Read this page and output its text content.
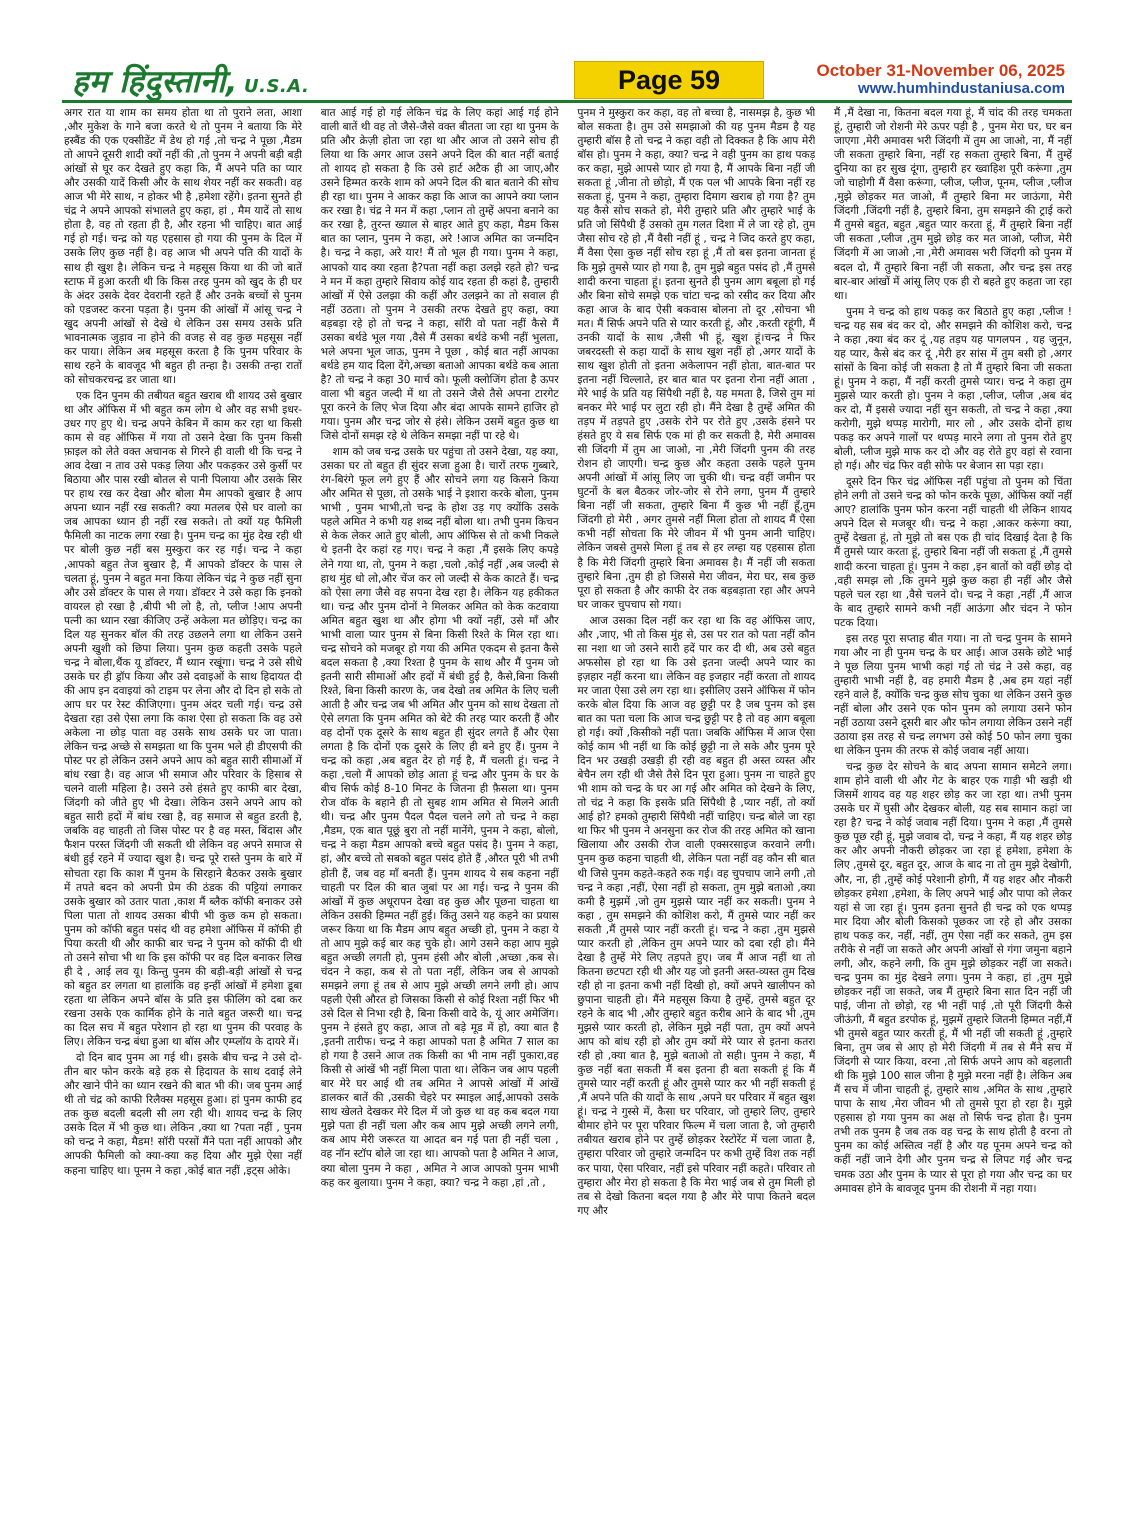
हम हिंदुस्तानी, U.S.A.	Page 59	October 31-November 06, 2025
www.humhindustaniusa.com

अगर रात या शाम का समय होता था तो पुराने लता, आशा ,और मुकेश के गाने बजा करते थे तो पुनम ने बताया कि मेरे हस्बैंड की एक एक्सीडेंट में डेथ हो गई ,तो चन्द्र ने पूछा ,मैडम तो आपने दूसरी शादी क्यों नहीं की ,तो पुनम ने अपनी बड़ी बड़ी आंखों से घूर कर देखते हुए कहा कि, मैं अपने पति का प्यार और उसकी यादें किसी और के साथ शेयर नहीं कर सकती। वह आज भी मेरे साथ, न होकर भी है ,हमेशा रहेंगे। इतना सुनते ही चंद्र ने अपने आपको संभालते हुए कहा, हां , मैम यादें तो साथ होता है, वह तो रहता ही है, और रहना भी चाहिए। बात आई गई हो गई। चन्द्र को यह एहसास हो गया की पुनम के दिल में उसके लिए कुछ नहीं है। वह आज भी अपने पति की यादों के साथ ही खुश है। लेकिन चन्द्र ने महसूस किया था की जो बातें स्टाफ में हुआ करती थी कि किस तरह पुनम को खुद के ही घर के अंदर उसके देवर देवरानी रहते हैं और उनके बच्चों से पुनम को एडजस्ट करना पड़ता है। पुनम की आंखों में आंसू चन्द्र ने खुद अपनी आंखों से देखे थे लेकिन उस समय उसके प्रति भावनात्मक जुड़ाव ना होने की वजह से वह कुछ महसूस नहीं कर पाया। लेकिन अब महसूस करता है कि पुनम परिवार के साथ रहने के बावजूद भी बहुत ही तन्हा है। उसकी तन्हा रातों को सोचकरचन्द्र डर जाता था।

एक दिन पुनम की तबीयत बहुत खराब थी शायद उसे बुखार था और ऑफिस में भी बहुत कम लोग थे और वह सभी इधर-उधर गए हुए थे। चन्द्र अपने केबिन में काम कर रहा था किसी काम से वह ऑफिस में गया तो उसने देखा कि पुनम किसी फ़ाइल को लेते वक्त अचानक से गिरने ही वाली थी कि चन्द्र ने आव देखा न ताव उसे पकड़ लिया और पकड़कर उसे कुर्सी पर बिठाया और पास रखी बोतल से पानी पिलाया और उसके सिर पर हाथ रख कर देखा और बोला मैम आपको बुखार है आप अपना ध्यान नहीं रख सकती? क्या मतलब ऐसे घर वालो का जब आपका ध्यान ही नहीं रख सकते। तो क्यों यह फैमिली फैमिली का नाटक लगा रखा है। पुनम चन्द्र का मुंह देख रही थी पर बोली कुछ नहीं बस मुस्कुरा कर रह गई। चन्द्र ने कहा ,आपको बहुत तेज बुखार है, मैं आपको डॉक्टर के पास ले चलता हूं, पुनम ने बहुत मना किया लेकिन चंद्र ने कुछ नहीं सुना और उसे डॉक्टर के पास ले गया। डॉक्टर ने उसे कहा कि इनको वायरल हो रखा है ,बीपी भी लो है, तो, प्लीज !आप अपनी पत्नी का ध्यान रखा कीजिए उन्हें अकेला मत छोड़िए। चन्द्र का दिल यह सुनकर बॉल की तरह उछलने लगा था लेकिन उसने अपनी खुशी को छिपा लिया। पुनम कुछ कहती उसके पहले चन्द्र ने बोला,थैंक यू डॉक्टर, मैं ध्यान रखूंगा। चन्द्र ने उसे सीधे उसके घर ही ड्रॉप किया और उसे दवाइओं के साथ हिदायत दी की आप इन दवाइयां को टाइम पर लेना और दो दिन हो सके तो आप घर पर रेस्ट कीजिएगा। पुनम अंदर चली गई। चन्द्र उसे देखता रहा उसे ऐसा लगा कि काश ऐसा हो सकता कि वह उसे अकेला ना छोड़ पाता वह उसके साथ उसके घर जा पाता। लेकिन चन्द्र अच्छे से समझता था कि पुनम भले ही डीएसपी की पोस्ट पर हो लेकिन उसने अपने आप को बहुत सारी सीमाओं में बांध रखा है। वह आज भी समाज और परिवार के हिसाब से चलने वाली महिला है। उसने उसे हंसते हुए काफी बार देखा, जिंदगी को जीते हुए भी देखा। लेकिन उसने अपने आप को बहुत सारी हदों में बांध रखा है, वह समाज से बहुत डरती है, जबकि वह चाहती तो जिस पोस्ट पर है वह मस्त, बिंदास और फैशन परस्त जिंदगी जी सकती थी लेकिन वह अपने समाज से बंधी हुई रहने में ज्यादा खुश है। चन्द्र पूरे रास्ते पुनम के बारे में सोचता रहा कि काश मैं पुनम के सिरहाने बैठकर उसके बुखार में तपते बदन को अपनी प्रेम की ठंडक की पट्टियां लगाकर उसके बुखार को उतार पाता ,काश मैं ब्लैक कॉफी बनाकर उसे पिला पाता तो शायद उसका बीपी भी कुछ कम हो सकता। पुनम को कॉफी बहुत पसंद थी वह हमेशा ऑफिस में कॉफी ही पिया करती थी और काफी बार चन्द्र ने पुनम को कॉफी दी थी तो उसने सोचा भी था कि इस कॉफी पर वह दिल बनाकर लिख ही दे , आई लव यू। किन्तु पुनम की बड़ी-बड़ी आंखों से चन्द्र को बहुत डर लगता था हालांकि वह इन्हीं आंखों में हमेशा डूबा रहता था लेकिन अपने बॉस के प्रति इस फीलिंग को दबा कर रखना उसके एक कार्मिक होने के नाते बहुत जरूरी था। चन्द्र का दिल सच में बहुत परेशान हो रहा था पुनम की परवाह के लिए। लेकिन चन्द्र बंधा हुआ था बॉस और एम्प्लॉय के दायरे में।

दो दिन बाद पुनम आ गई थी। इसके बीच चन्द्र ने उसे दो-तीन बार फोन करके बड़े हक से हिदायत के साथ दवाई लेने और खाने पीने का ध्यान रखने की बात भी की। जब पुनम आई थी तो चंद्र को काफी रिलैक्स महसूस हुआ। हां पुनम काफी हद तक कुछ बदली बदली सी लग रही थी। शायद चन्द्र के लिए उसके दिल में भी कुछ था। लेकिन ,क्या था ?पता नहीं , पुनम को चन्द्र ने कहा, मैडम! सॉरी परसों मैंने पता नहीं आपको और आपकी फैमिली को क्या-क्या कह दिया और मुझे ऐसा नहीं कहना चाहिए था। पूनम ने कहा ,कोई बात नहीं ,इट्स ओके।

बात आई गई हो गई लेकिन चंद्र के लिए कहां आई गई होने वाली बातें थी वह तो जैसे-जैसे वक्त बीतता जा रहा था पुनम के प्रति और क्रेज़ी होता जा रहा था और आज तो उसने सोच ही लिया था कि अगर आज उसने अपने दिल की बात नहीं बताई तो शायद हो सकता है कि उसे हार्ट अटैक ही आ जाए,और उसने हिम्मत करके शाम को अपने दिल की बात बताने की सोच ही रहा था। पुनम ने आकर कहा कि आज का आपने क्या प्लान कर रखा है। चंद्र ने मन में कहा ,प्लान तो तुम्हें अपना बनाने का कर रखा है, तुरन्त ख्याल से बाहर आते हुए कहा, मैडम किस बात का प्लान, पुनम ने कहा, अरे !आज अमित का जन्मदिन है। चन्द्र ने कहा, अरे यार! मैं तो भूल ही गया। पुनम ने कहा, आपको याद क्या रहता है?पता नहीं कहा उलझे रहते हो? चन्द्र ने मन में कहा तुम्हारे सिवाय कोई याद रहता ही कहां है, तुम्हारी आंखों में ऐसे उलझा की कहीं और उलझने का तो सवाल ही नहीं उठता। तो पुनम ने उसकी तरफ देखते हुए कहा, क्या बड़बड़ा रहे हो तो चन्द्र ने कहा, सॉरी वो पता नहीं कैसे मैं उसका बर्थडे भूल गया ,वैसे मैं उसका बर्थडे कभी नहीं भुलता, भले अपना भूल जाऊ, पुनम ने पूछा , कोई बात नहीं आपका बर्थडे हम याद दिला देंगे,अच्छा बताओ आपका बर्थडे कब आता है? तो चन्द्र ने कहा 30 मार्च को। फूली क्लोजिंग होता है ऊपर वाला भी बहुत जल्दी में था तो उसने जैसे तैसे अपना टारगेट पूरा करने के लिए भेज दिया और बंदा आपके सामने हाजिर हो गया। पुनम और चन्द्र जोर से हंसे। लेकिन उसमें बहुत कुछ था जिसे दोनों समझ रहे थे लेकिन समझा नहीं पा रहे थे।

शाम को जब चन्द्र उसके घर पहुंचा तो उसने देखा, यह क्या, उसका घर तो बहुत ही सुंदर सजा हुआ है। चारों तरफ गुब्बारे, रंग-बिरंगे फूल लगे हुए हैं और सोचने लगा यह किसने किया और अमित से पूछा, तो उसके भाई ने इशारा करके बोला, पुनम भाभी , पुनम भाभी,तो चन्द्र के होश उड़ गए क्योंकि उसके पहले अमित ने कभी यह शब्द नहीं बोला था। तभी पुनम किचन से केक लेकर आते हुए बोली, आप ऑफिस से तो कभी निकले थे इतनी देर कहां रह गए। चन्द्र ने कहा ,मैं इसके लिए कपड़े लेने गया था, तो, पुनम ने कहा ,चलो ,कोई नहीं ,अब जल्दी से हाथ मुंह धो लो,और चेंज कर लो जल्दी से केक काटते हैं। चन्द्र को ऐसा लगा जैसे वह सपना देख रहा है। लेकिन यह हकीकत था। चन्द्र और पुनम दोनों ने मिलकर अमित को केक कटवाया अमित बहुत खुश था और होगा भी क्यों नहीं, उसे माँ और भाभी वाला प्यार पुनम से बिना किसी रिश्ते के मिल रहा था। चन्द्र सोचने को मजबूर हो गया की अमित एकदम से इतना कैसे बदल सकता है ,क्या रिश्ता है पुनम के साथ और मैं पुनम जो इतनी सारी सीमाओं और हदों में बंधी हुई है, कैसे,बिना किसी रिश्ते, बिना किसी कारण के, जब देखो तब अमित के लिए चली आती है और चन्द्र जब भी अमित और पुनम को साथ देखता तो ऐसे लगता कि पुनम अमित को बेटे की तरह प्यार करती हैं और वह दोनों एक दूसरे के साथ बहुत ही सुंदर लगते हैं और ऐसा लगता है कि दोनों एक दूसरे के लिए ही बने हुए हैं। पुनम ने चन्द्र को कहा ,अब बहुत देर हो गई है, मैं चलती हूं। चन्द्र ने कहा ,चलो मैं आपको छोड़ आता हूं चन्द्र और पुनम के घर के बीच सिर्फ कोई 8-10 मिनट के जितना ही फ़ैसला था। पुनम रोज वॉक के बहाने ही तो सुबह शाम अमित से मिलने आती थी। चन्द्र और पुनम पैदल पैदल चलने लगे तो चन्द्र ने कहा ,मैडम, एक बात पूछूं बुरा तो नहीं मानेंगे, पुनम ने कहा, बोलो, चन्द्र ने कहा मैडम आपको बच्चे बहुत पसंद है। पुनम ने कहा, हां, और बच्चे तो सबको बहुत पसंद होते हैं ,औरत पूरी भी तभी होती हैं, जब वह माँ बनती हैं। पुनम शायद ये सब कहना नहीं चाहती पर दिल की बात जुबां पर आ गई। चन्द्र ने पुनम की आंखों में कुछ अधूरापन देखा वह कुछ और पूछना चाहता था लेकिन उसकी हिम्मत नहीं हुई। किंतु उसने यह कहने का प्रयास जरूर किया था कि मैडम आप बहुत अच्छी हो, पुनम ने कहा ये तो आप मुझे कई बार कह चुके हो। आगे उसने कहा आप मुझे बहुत अच्छी लगती हो, पुनम हंसी और बोली ,अच्छा ,कब से। चंदन ने कहा, कब से तो पता नहीं, लेकिन जब से आपको समझने लगा हूं तब से आप मुझे अच्छी लगने लगी हो। आप पहली ऐसी औरत हो जिसका किसी से कोई रिश्ता नहीं फिर भी उसे दिल से निभा रही है, बिना किसी वादे के, यूं आर अमेजिंग। पुनम ने हंसते हुए कहा, आज तो बड़े मूड में हो, क्या बात है ,इतनी तारीफ। चन्द्र ने कहा आपको पता है अमित 7 साल का हो गया है उसने आज तक किसी का भी नाम नहीं पुकारा,वह किसी से आंखें भी नहीं मिला पाता था। लेकिन जब आप पहली बार मेरे घर आई थी तब अमित ने आपसे आंखों में आंखें डालकर बातें की ,उसकी चेहरे पर स्माइल आई,आपको उसके साथ खेलते देखकर मेरे दिल में जो कुछ था वह कब बदल गया मुझे पता ही नहीं चला और कब आप मुझे अच्छी लगने लगी, कब आप मेरी जरूरत या आदत बन गई पता ही नहीं चला , वह नॉन स्टॉप बोले जा रहा था। आपको पता है अमित ने आज, क्या बोला पुनम ने कहा , अमित ने आज आपको पुनम भाभी कह कर बुलाया। पुनम ने कहा, क्या? चन्द्र ने कहा ,हां ,तो ,

पुनम ने मुस्कुरा कर कहा, वह तो बच्चा है, नासमझ है, कुछ भी बोल सकता है। तुम उसे समझाओ की यह पुनम मैडम है यह तुम्हारी बॉस है तो चन्द्र ने कहा वही तो दिक्कत है कि आप मेरी बॉस हो। पुनम ने कहा, क्या? चन्द्र ने वही पुनम का हाथ पकड़ कर कहा, मुझे आपसे प्यार हो गया है, मैं आपके बिना नहीं जी सकता हूं ,जीना तो छोड़ो, मैं एक पल भी आपके बिना नहीं रह सकता हूं, पुनम ने कहा, तुम्हारा दिमाग खराब हो गया है? तुम यह कैसे सोच सकते हो, मेरी तुम्हारे प्रति और तुम्हारे भाई के प्रति जो सिंपैथी हैं उसको तुम गलत दिशा में ले जा रहे हो, तुम जैसा सोच रहे हो ,मैं वैसी नहीं हूं , चन्द्र ने जिद करते हुए कहा, मैं वैसा ऐसा कुछ नहीं सोच रहा हूं ,मैं तो बस इतना जानता हूं कि मुझे तुमसे प्यार हो गया है, तुम मुझे बहुत पसंद हो ,मैं तुमसे शादी करना चाहता हूं। इतना सुनते ही पुनम आग बबूला हो गई और बिना सोचे समझे एक चांटा चन्द्र को रसीद कर दिया और कहा आज के बाद ऐसी बकवास बोलना तो दूर ,सोचना भी मत। मैं सिर्फ अपने पति से प्यार करती हूं, और ,करती रहूंगी, मैं उनकी यादों के साथ ,जैसी भी हूं, खुश हूं।चन्द्र ने फिर जबरदस्ती से कहा यादों के साथ खुश नहीं हो ,अगर यादों के साथ खुश होती तो इतना अकेलापन नहीं होता, बात-बात पर इतना नहीं चिल्लाते, हर बात बात पर इतना रोना नहीं आता , मेरे भाई के प्रति यह सिंपैथी नहीं है, यह ममता है, जिसे तुम मां बनकर मेरे भाई पर लुटा रही हो। मैंने देखा है तुम्हें अमित की तड़प में तड़पते हुए ,उसके रोने पर रोते हुए ,उसके हंसने पर हंसते हुए ये सब सिर्फ एक मां ही कर सकती है, मेरी अमावस सी जिंदगी में तुम आ जाओ, ना ,मेरी जिंदगी पुनम की तरह रोशन हो जाएगी। चन्द्र कुछ और कहता उसके पहले पुनम अपनी आंखों में आंसू लिए जा चुकी थी। चन्द्र वहीं जमीन पर घुटनों के बल बैठकर जोर-जोर से रोने लगा, पुनम मैं तुम्हारे बिना नहीं जी सकता, तुम्हारे बिना मैं कुछ भी नहीं हूँ,तुम जिंदगी हो मेरी , अगर तुमसे नहीं मिला होता तो शायद मैं ऐसा कभी नहीं सोचता कि मेरे जीवन में भी पुनम आनी चाहिए। लेकिन जबसे तुमसे मिला हूं तब से हर लम्हा यह एहसास होता है कि मेरी जिंदगी तुम्हारे बिना अमावस है। मैं नहीं जी सकता तुम्हारे बिना ,तुम ही हो जिससे मेरा जीवन, मेरा घर, सब कुछ पूरा हो सकता है और काफी देर तक बड़बड़ाता रहा और अपने घर जाकर चुपचाप सो गया।

आज उसका दिल नहीं कर रहा था कि वह ऑफिस जाए, और ,जाए, भी तो किस मुंह से, उस पर रात को पता नहीं कौन सा नशा था जो उसने सारी हदें पार कर दी थी, अब उसे बहुत अफसोस हो रहा था कि उसे इतना जल्दी अपने प्यार का इज़हार नहीं करना था। लेकिन वह इजहार नहीं करता तो शायद मर जाता ऐसा उसे लग रहा था। इसीलिए उसने ऑफिस में फोन करके बोल दिया कि आज वह छुट्टी पर है जब पुनम को इस बात का पता चला कि आज चन्द्र छुट्टी पर है तो वह आग बबूला हो गई। क्यों ,किसीको नहीं पता। जबकि ऑफिस में आज ऐसा कोई काम भी नहीं था कि कोई छुट्टी ना ले सके और पुनम पूरे दिन भर उखड़ी उखड़ी ही रही वह बहुत ही अस्त व्यस्त और बेचैन लग रही थी जैसे तैसे दिन पूरा हुआ। पुनम ना चाहते हुए भी शाम को चन्द्र के घर आ गई और अमित को देखने के लिए, तो चंद्र ने कहा कि इसके प्रति सिंपैथी है ,प्यार नहीं, तो क्यों आई हो? हमको तुम्हारी सिंपैथी नहीं चाहिए। चन्द्र बोले जा रहा था फिर भी पुनम ने अनसुना कर रोज की तरह अमित को खाना खिलाया और उसकी रोज वाली एक्सरसाइज करवाने लगी। पुनम कुछ कहना चाहती थी, लेकिन पता नहीं वह कौन सी बात थी जिसे पुनम कहते-कहते रुक गई। वह चुपचाप जाने लगी ,तो चन्द्र ने कहा ,नहीं, ऐसा नहीं हो सकता, तुम मुझे बताओ ,क्या कमी है मुझमें ,जो तुम मुझसे प्यार नहीं कर सकती। पुनम ने कहा , तुम समझने की कोशिश करो, मैं तुमसे प्यार नहीं कर सकती ,मैं तुमसे प्यार नहीं करती हूं। चन्द्र ने कहा ,तुम मुझसे प्यार करती हो ,लेकिन तुम अपने प्यार को दबा रही हो। मैंने देखा है तुम्हें मेरे लिए तड़पते हुए। जब मैं आज नहीं था तो कितना छटपटा रही थी और यह जो इतनी अस्त-व्यस्त तुम दिख रही हो ना इतना कभी नहीं दिखी हो, क्यों अपने खालीपन को छुपाना चाहती हो। मैंने महसूस किया है तुम्हें, तुमसे बहुत दूर रहने के बाद भी ,और तुम्हारे बहुत करीब आने के बाद भी ,तुम मुझसे प्यार करती हो, लेकिन मुझे नहीं पता, तुम क्यों अपने आप को बांध रही हो और तुम क्यों मेरे प्यार से इतना कतरा रही हो ,क्या बात है, मुझे बताओ तो सही। पुनम ने कहा, मैं कुछ नहीं बता सकती मैं बस इतना ही बता सकती हूं कि मैं तुमसे प्यार नहीं करती हूं और तुमसे प्यार कर भी नहीं सकती हूं ,मैं अपने पति की यादों के साथ ,अपने घर परिवार में बहुत खुश हूं। चन्द्र ने गुस्से में, कैसा घर परिवार, जो तुम्हारे लिए, तुम्हारे बीमार होने पर पूरा परिवार फिल्म में चला जाता है, जो तुम्हारी तबीयत खराब होने पर तुम्हें छोड़कर रेस्टोरेंट में चला जाता है, तुम्हारा परिवार जो तुम्हारे जन्मदिन पर कभी तुम्हें विश तक नहीं कर पाया, ऐसा परिवार, नहीं इसे परिवार नहीं कहते। परिवार तो तुम्हारा और मेरा हो सकता है कि मेरा भाई जब से तुम मिली हो तब से देखो कितना बदल गया है और मेरे पापा कितने बदल गए और

मैं ,मैं देखा ना, कितना बदल गया हूं, मैं चांद की तरह चमकता हूं, तुम्हारी जो रोशनी मेरे ऊपर पड़ी है , पुनम मेरा घर, घर बन जाएगा ,मेरी अमावस भरी जिंदगी में तुम आ जाओ, ना, मैं नहीं जी सकता तुम्हारे बिना, नहीं रह सकता तुम्हारे बिना, मैं तुम्हें दुनिया का हर सुख दूंगा, तुम्हारी हर ख्वाहिश पूरी करूंगा ,तुम जो चाहोगी मैं वैसा करूंगा, प्लीज, प्लीज, पूनम, प्लीज ,प्लीज ,मुझे छोड़कर मत जाओ, मैं तुम्हारे बिना मर जाऊंगा, मेरी जिंदगी ,जिंदगी नहीं है, तुम्हारे बिना, तुम समझने की ट्राई करो मैं तुमसे बहुत, बहुत ,बहुत प्यार करता हूं, मैं तुम्हारे बिना नहीं जी सकता ,प्लीज ,तुम मुझे छोड़ कर मत जाओ, प्लीज, मेरी जिंदगी में आ जाओ ,ना ,मेरी अमावस भरी जिंदगी को पुनम में बदल दो, मैं तुम्हारे बिना नहीं जी सकता, और चन्द्र इस तरह बार-बार आंखों में आंसू लिए एक ही रो बहते हुए कहता जा रहा था।

पुनम ने चन्द्र को हाथ पकड़ कर बिठाते हुए कहा ,प्लीज ! चन्द्र यह सब बंद कर दो, और समझने की कोशिश करो, चन्द्र ने कहा ,क्या बंद कर दूं ,यह तड़प यह पागलपन , यह जुनून, यह प्यार, कैसे बंद कर दूं ,मेरी हर सांस में तुम बसी हो ,अगर सांसों के बिना कोई जी सकता है तो मैं तुम्हारे बिना जी सकता हूं। पुनम ने कहा, मैं नहीं करती तुमसे प्यार। चन्द्र ने कहा तुम मुझसे प्यार करती हो। पुनम ने कहा ,प्लीज, प्लीज ,अब बंद कर दो, मैं इससे ज्यादा नहीं सुन सकती, तो चन्द्र ने कहा ,क्या करोगी, मुझे थप्पड़ मारोगी, मार लो , और उसके दोनों हाथ पकड़ कर अपने गालों पर थप्पड़ मारने लगा तो पुनम रोते हुए बोली, प्लीज मुझे माफ कर दो और वह रोते हुए वहां से रवाना हो गई। और चंद्र फिर वही सोफे पर बेजान सा पड़ा रहा।

दूसरे दिन फिर चंद्र ऑफिस नहीं पहुंचा तो पुनम को चिंता होने लगी तो उसने चन्द्र को फोन करके पूछा, ऑफिस क्यों नहीं आए? हालांकि पुनम फोन करना नहीं चाहती थी लेकिन शायद अपने दिल से मजबूर थी। चन्द्र ने कहा ,आकर करूंगा क्या, तुम्हें देखता हूं, तो मुझे तो बस एक ही चांद दिखाई देता है कि मैं तुमसे प्यार करता हूं, तुम्हारे बिना नहीं जी सकता हूं ,मैं तुमसे शादी करना चाहता हूं। पुनम ने कहा ,इन बातों को वहीं छोड़ दो ,वही समझ लो ,कि तुमने मुझे कुछ कहा ही नहीं और जैसे पहले चल रहा था ,वैसे चलने दो। चन्द्र ने कहा ,नहीं ,मैं आज के बाद तुम्हारे सामने कभी नहीं आऊंगा और चंदन ने फोन पटक दिया।

इस तरह पूरा सप्ताह बीत गया। ना तो चन्द्र पुनम के सामने गया और ना ही पुनम चन्द्र के घर आई। आज उसके छोटे भाई ने पूछ लिया पुनम भाभी कहां गई तो चंद्र ने उसे कहा, वह तुम्हारी भाभी नहीं है, वह हमारी मैडम है ,अब हम यहां नहीं रहने वाले हैं, क्योंकि चन्द्र कुछ सोच चुका था लेकिन उसने कुछ नहीं बोला और उसने एक फोन पुनम को लगाया उसने फोन नहीं उठाया उसने दूसरी बार और फोन लगाया लेकिन उसने नहीं उठाया इस तरह से चन्द्र लगभग उसे कोई 50 फोन लगा चुका था लेकिन पुनम की तरफ से कोई जवाब नहीं आया।

चन्द्र कुछ देर सोचने के बाद अपना सामान समेटने लगा। शाम होने वाली थी और गेट के बाहर एक गाड़ी भी खड़ी थी जिसमें शायद वह यह शहर छोड़ कर जा रहा था। तभी पुनम उसके घर में घुसी और देखकर बोली, यह सब सामान कहां जा रहा है? चन्द्र ने कोई जवाब नहीं दिया। पुनम ने कहा ,मैं तुमसे कुछ पूछ रही हूं, मुझे जवाब दो, चन्द्र ने कहा, मैं यह शहर छोड़ कर और अपनी नौकरी छोड़कर जा रहा हूं हमेशा, हमेशा के लिए ,तुमसे दूर, बहुत दूर, आज के बाद ना तो तुम मुझे देखोगी, और, ना, ही ,तुम्हें कोई परेशानी होगी, मैं यह शहर और नौकरी छोड़कर हमेशा ,हमेशा, के लिए अपने भाई और पापा को लेकर यहां से जा रहा हूं। पुनम इतना सुनते ही चन्द्र को एक थप्पड़ मार दिया और बोली किसको पूछकर जा रहे हो और उसका हाथ पकड़ कर, नहीं, नहीं, तुम ऐसा नहीं कर सकते, तुम इस तरीके से नहीं जा सकते और अपनी आंखों से गंगा जमुना बहाने लगी, और, कहने लगी, कि तुम मुझे छोड़कर नहीं जा सकते। चन्द्र पुनम का मुंह देखने लगा। पुनम ने कहा, हां ,तुम मुझे छोड़कर नहीं जा सकते, जब मैं तुम्हारे बिना सात दिन नहीं जी पाई, जीना तो छोड़ो, रह भी नहीं पाई ,तो पूरी जिंदगी कैसे जीऊंगी, मैं बहुत डरपोक हूं, मुझमें तुम्हारे जितनी हिम्मत नहीं,मैं भी तुमसे बहुत प्यार करती हूं, मैं भी नहीं जी सकती हूं ,तुम्हारे बिना, तुम जब से आए हो मेरी जिंदगी में तब से मैंने सच में जिंदगी से प्यार किया, वरना ,तो सिर्फ अपने आप को बहलाती थी कि मुझे 100 साल जीना है मुझे मरना नहीं है। लेकिन अब मैं सच में जीना चाहती हूं, तुम्हारे साथ ,अमित के साथ ,तुम्हारे पापा के साथ ,मेरा जीवन भी तो तुमसे पूरा हो रहा है। मुझे एहसास हो गया पुनम का अक्ष तो सिर्फ चन्द्र होता है। पुनम तभी तक पुनम है जब तक वह चन्द्र के साथ होती है वरना तो पुनम का कोई अस्तित्व नहीं है और यह पूनम अपने चन्द्र को कहीं नहीं जाने देगी और पुनम चन्द्र से लिपट गई और चन्द्र चमक उठा और पुनम के प्यार से पूरा हो गया और चन्द्र का घर अमावस होने के बावजूद पुनम की रोशनी में नहा गया।
